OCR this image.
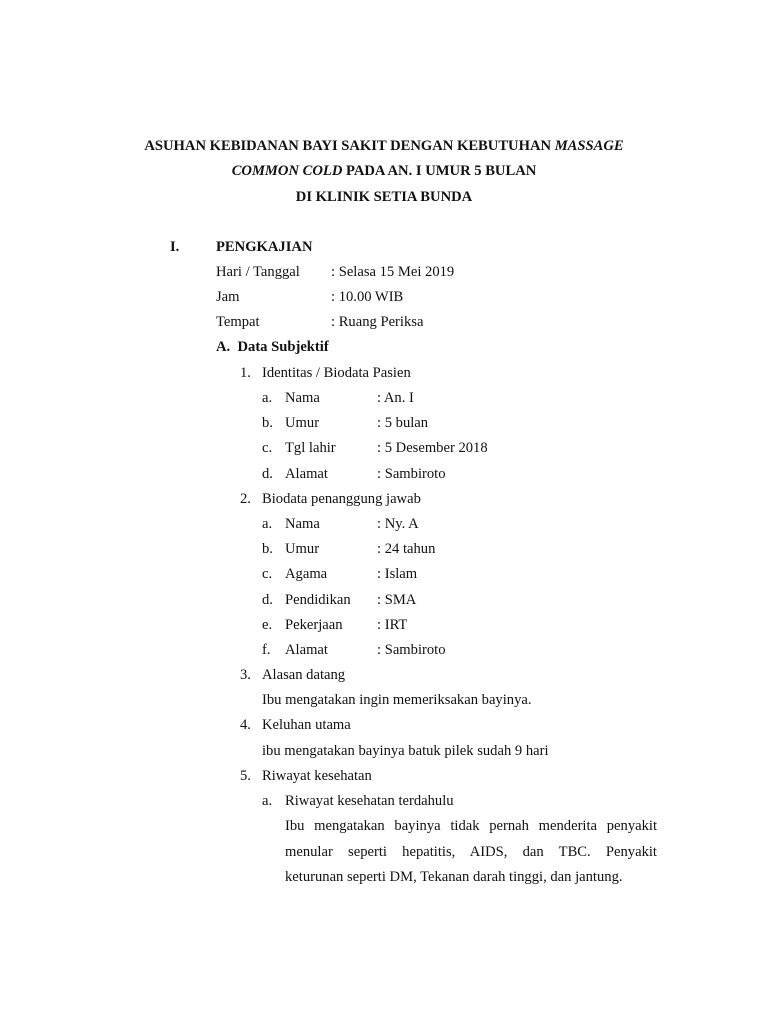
ASUHAN KEBIDANAN BAYI SAKIT DENGAN KEBUTUHAN MASSAGE
COMMON COLD PADA AN. I UMUR 5 BULAN
DI KLINIK SETIA BUNDA
I.	PENGKAJIAN
Hari / Tanggal : Selasa 15 Mei 2019
Jam	: 10.00 WIB
Tempat	: Ruang Periksa
A.  Data Subjektif
1. Identitas / Biodata Pasien
a. Nama	: An. I
b. Umur	: 5 bulan
c. Tgl lahir	: 5 Desember 2018
d. Alamat	: Sambiroto
2. Biodata penanggung jawab
a. Nama	: Ny. A
b. Umur	: 24 tahun
c. Agama	: Islam
d. Pendidikan : SMA
e. Pekerjaan : IRT
f. Alamat	: Sambiroto
3. Alasan datang
Ibu mengatakan ingin memeriksakan bayinya.
4. Keluhan utama
ibu mengatakan bayinya batuk pilek sudah 9 hari
5. Riwayat kesehatan
a. Riwayat kesehatan terdahulu
Ibu mengatakan bayinya tidak pernah menderita penyakit
menular seperti hepatitis, AIDS, dan TBC. Penyakit
keturunan seperti DM, Tekanan darah tinggi, dan jantung.
